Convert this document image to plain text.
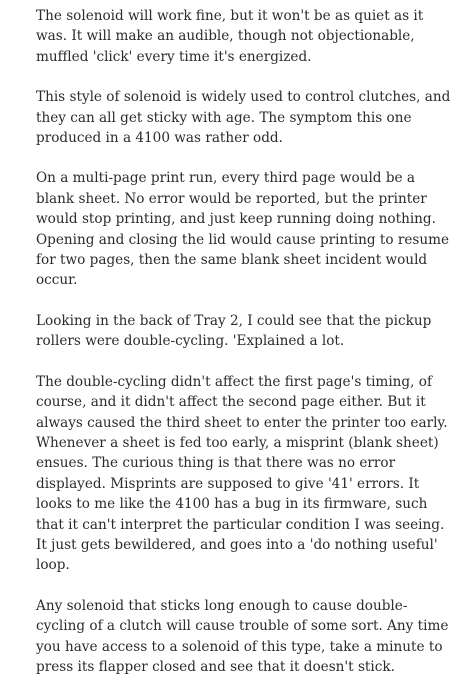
The solenoid will work fine, but it won't be as quiet as it was. It will make an audible, though not objectionable, muffled 'click' every time it's energized.

This style of solenoid is widely used to control clutches, and they can all get sticky with age. The symptom this one produced in a 4100 was rather odd.

On a multi-page print run, every third page would be a blank sheet. No error would be reported, but the printer would stop printing, and just keep running doing nothing. Opening and closing the lid would cause printing to resume for two pages, then the same blank sheet incident would occur.

Looking in the back of Tray 2, I could see that the pickup rollers were double-cycling. 'Explained a lot.

The double-cycling didn't affect the first page's timing, of course, and it didn't affect the second page either. But it always caused the third sheet to enter the printer too early. Whenever a sheet is fed too early, a misprint (blank sheet) ensues. The curious thing is that there was no error displayed. Misprints are supposed to give '41' errors. It looks to me like the 4100 has a bug in its firmware, such that it can't interpret the particular condition I was seeing. It just gets bewildered, and goes into a 'do nothing useful' loop.

Any solenoid that sticks long enough to cause double-cycling of a clutch will cause trouble of some sort. Any time you have access to a solenoid of this type, take a minute to press its flapper closed and see that it doesn't stick.
